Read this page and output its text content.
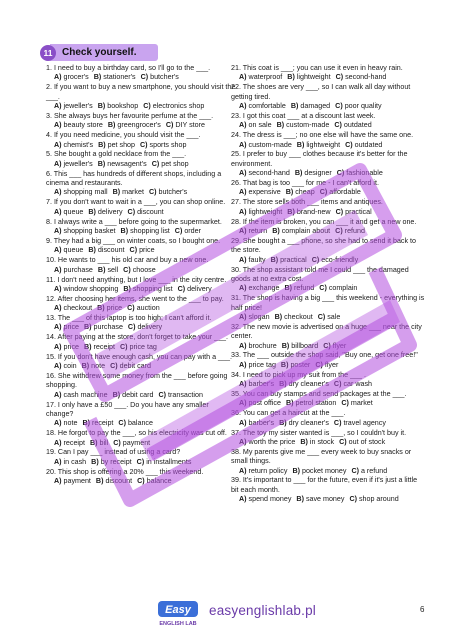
11 Check yourself.
1. I need to buy a birthday card, so I'll go to the ___.
A) grocer's B) stationer's C) butcher's
2. If you want to buy a new smartphone, you should visit the ___.
A) jeweller's B) bookshop C) electronics shop
3. She always buys her favourite perfume at the ___.
A) beauty store B) greengrocer's C) DIY store
4. If you need medicine, you should visit the ___.
A) chemist's B) pet shop C) sports shop
5. She bought a gold necklace from the ___.
A) jeweller's B) newsagent's C) pet shop
6. This ___ has hundreds of different shops, including a cinema and restaurants.
A) shopping mall B) market C) butcher's
7. If you don't want to wait in a ___, you can shop online.
A) queue B) delivery C) discount
8. I always write a ___ before going to the supermarket.
A) shopping basket B) shopping list C) order
9. They had a big ___ on winter coats, so I bought one.
A) queue B) discount C) price
10. He wants to ___ his old car and buy a new one.
A) purchase B) sell C) choose
11. I don't need anything, but I love ___ in the city centre.
A) window shopping B) shopping list C) delivery
12. After choosing her items, she went to the ___ to pay.
A) checkout B) price C) auction
13. The ___ of this laptop is too high; I can't afford it.
A) price B) purchase C) delivery
14. After paying at the store, don't forget to take your ___.
A) price B) receipt C) price tag
15. If you don't have enough cash, you can pay with a ___.
A) coin B) note C) debit card
16. She withdrew some money from the ___ before going shopping.
A) cash machine B) debit card C) transaction
17. I only have a £50 ___. Do you have any smaller change?
A) note B) receipt C) balance
18. He forgot to pay the ___, so his electricity was cut off.
A) receipt B) bill C) payment
19. Can I pay ___ instead of using a card?
A) in cash B) by receipt C) in installments
20. This shop is offering a 20% ___ this weekend.
A) payment B) discount C) balance
21. This coat is ___; you can use it even in heavy rain.
A) waterproof B) lightweight C) second-hand
22. The shoes are very ___, so I can walk all day without getting tired.
A) comfortable B) damaged C) poor quality
23. I got this coat ___ at a discount last week.
A) on sale B) custom-made C) outdated
24. The dress is ___; no one else will have the same one.
A) custom-made B) lightweight C) outdated
25. I prefer to buy ___ clothes because it's better for the environment.
A) second-hand B) designer C) fashionable
26. That bag is too ___ for me - I can't afford it.
A) expensive B) cheap C) affordable
27. The store sells both ___ items and antiques.
A) lightweight B) brand-new C) practical
28. If the item is broken, you can ___ it and get a new one.
A) return B) complain about C) refund
29. She bought a ___ phone, so she had to send it back to the store.
A) faulty B) practical C) eco-friendly
30. The shop assistant told me I could ___ the damaged goods at no extra cost.
A) exchange B) refund C) complain
31. The shop is having a big ___ this weekend - everything is half price!
A) slogan B) checkout C) sale
32. The new movie is advertised on a huge ___ near the city center.
A) brochure B) billboard C) flyer
33. The ___ outside the shop said, "Buy one, get one free!"
A) price tag B) poster C) flyer
34. I need to pick up my suit from the ___ .
A) barber's B) dry cleaner's C) car wash
35. You can buy stamps and send packages at the ___.
A) post office B) petrol station C) market
36. You can get a haircut at the ___.
A) barber's B) dry cleaner's C) travel agency
37. The toy my sister wanted is ___, so I couldn't buy it.
A) worth the price B) in stock C) out of stock
38. My parents give me ___ every week to buy snacks or small things.
A) return policy B) pocket money C) a refund
39. It's important to ___ for the future, even if it's just a little bit each month.
A) spend money B) save money C) shop around
Easy
ENGLISH LAB
easyenglishlab.pl	6
